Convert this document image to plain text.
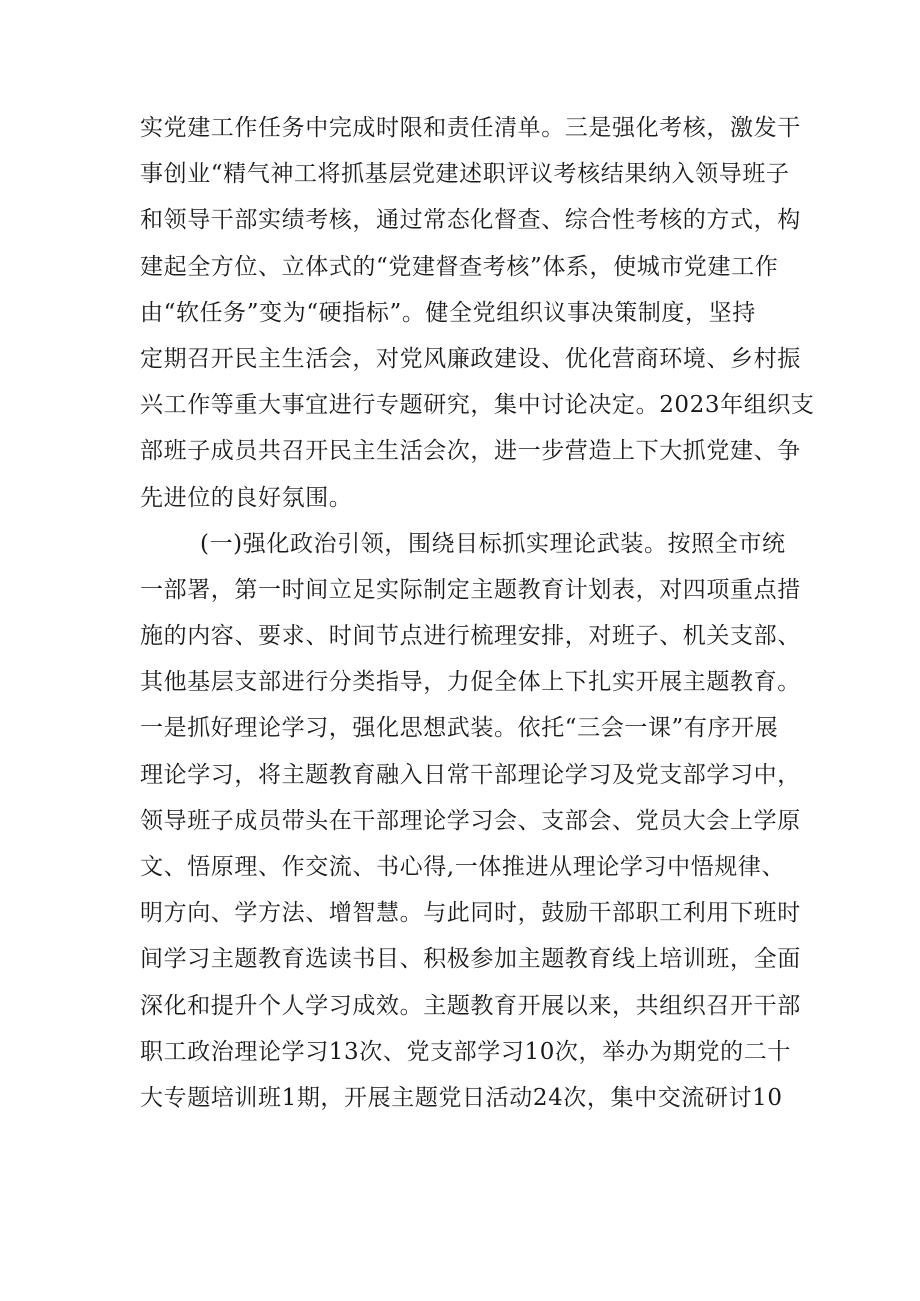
实党建工作任务中完成时限和责任清单。三是强化考核，激发干
事创业“精气神工将抓基层党建述职评议考核结果纳入领导班子
和领导干部实绩考核，通过常态化督查、综合性考核的方式，构
建起全方位、立体式的“党建督查考核”体系，使城市党建工作
由“软任务”变为“硬指标”。健全党组织议事决策制度，坚持
定期召开民主生活会，对党风廉政建设、优化营商环境、乡村振
兴工作等重大事宜进行专题研究，集中讨论决定。2023年组织支
部班子成员共召开民主生活会次，进一步营造上下大抓党建、争
先进位的良好氛围。
(一)强化政治引领，围绕目标抓实理论武装。按照全市统
一部署，第一时间立足实际制定主题教育计划表，对四项重点措
施的内容、要求、时间节点进行梳理安排，对班子、机关支部、
其他基层支部进行分类指导，力促全体上下扎实开展主题教育。
一是抓好理论学习，强化思想武装。依托“三会一课”有序开展
理论学习，将主题教育融入日常干部理论学习及党支部学习中，
领导班子成员带头在干部理论学习会、支部会、党员大会上学原
文、悟原理、作交流、书心得,一体推进从理论学习中悟规律、
明方向、学方法、增智慧。与此同时，鼓励干部职工利用下班时
间学习主题教育选读书目、积极参加主题教育线上培训班，全面
深化和提升个人学习成效。主题教育开展以来，共组织召开干部
职工政治理论学习13次、党支部学习10次，举办为期党的二十
大专题培训班1期，开展主题党日活动24次，集中交流研讨10
